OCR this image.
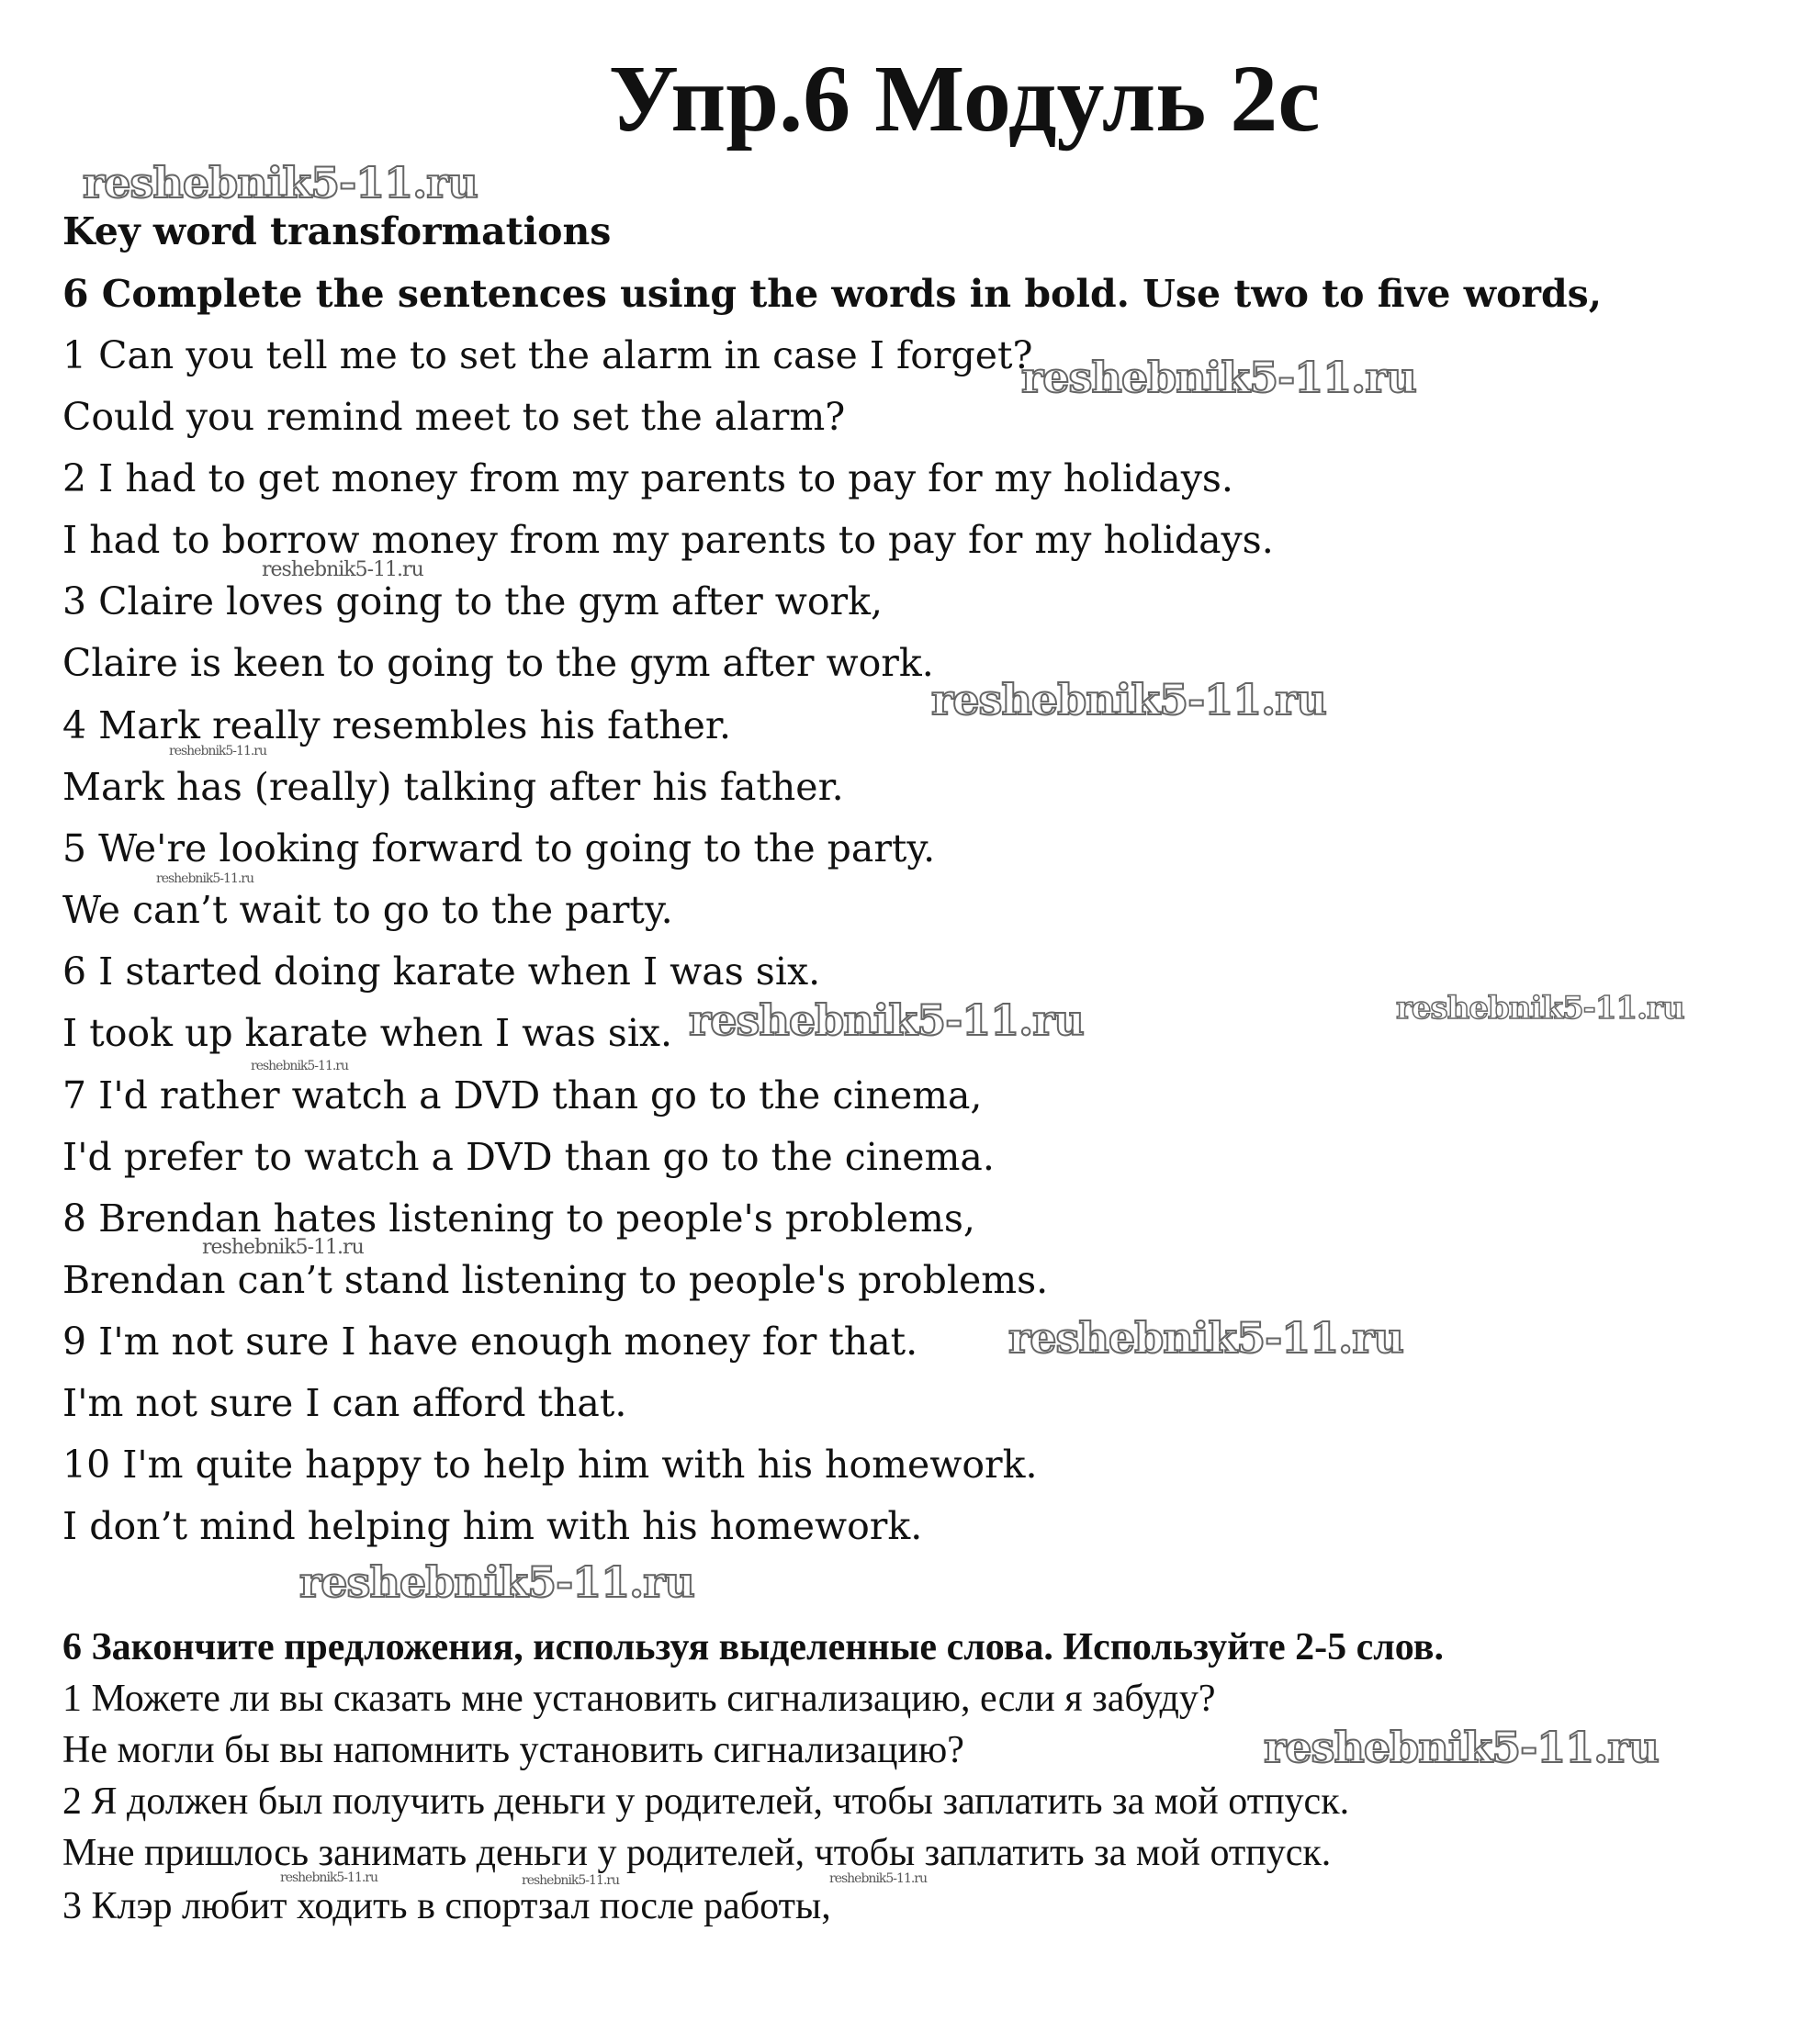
Упр.6 Модуль 2c
Key word transformations
6 Complete the sentences using the words in bold. Use two to five words,
1 Can you tell me to set the alarm in case I forget?
Could you remind meet to set the alarm?
2 I had to get money from my parents to pay for my holidays.
I had to borrow money from my parents to pay for my holidays.
3 Claire loves going to the gym after work,
Claire is keen to going to the gym after work.
4 Mark really resembles his father.
Mark has (really) talking after his father.
5 We're looking forward to going to the party.
We can’t wait to go to the party.
6 I started doing karate when I was six.
I took up karate when I was six.
7 I'd rather watch a DVD than go to the cinema,
I'd prefer to watch a DVD than go to the cinema.
8 Brendan hates listening to people's problems,
Brendan can’t stand listening to people's problems.
9 I'm not sure I have enough money for that.
I'm not sure I can afford that.
10 I'm quite happy to help him with his homework.
I don’t mind helping him with his homework.
6 Закончите предложения, используя выделенные слова. Используйте 2-5 слов.
1 Можете ли вы сказать мне установить сигнализацию, если я забуду?
Не могли бы вы напомнить установить сигнализацию?
2 Я должен был получить деньги у родителей, чтобы заплатить за мой отпуск.
Мне пришлось занимать деньги у родителей, чтобы заплатить за мой отпуск.
3 Клэр любит ходить в спортзал после работы,
reshebnik5-11.ru
reshebnik5-11.ru
reshebnik5-11.ru
reshebnik5-11.ru
reshebnik5-11.ru
reshebnik5-11.ru
reshebnik5-11.ru	reshebnik5-11.ru
reshebnik5-11.ru
reshebnik5-11.ru
reshebnik5-11.ru
reshebnik5-11.ru
reshebnik5-11.ru
reshebnik5-11.ru	reshebnik5-11.ru	reshebnik5-11.ru
